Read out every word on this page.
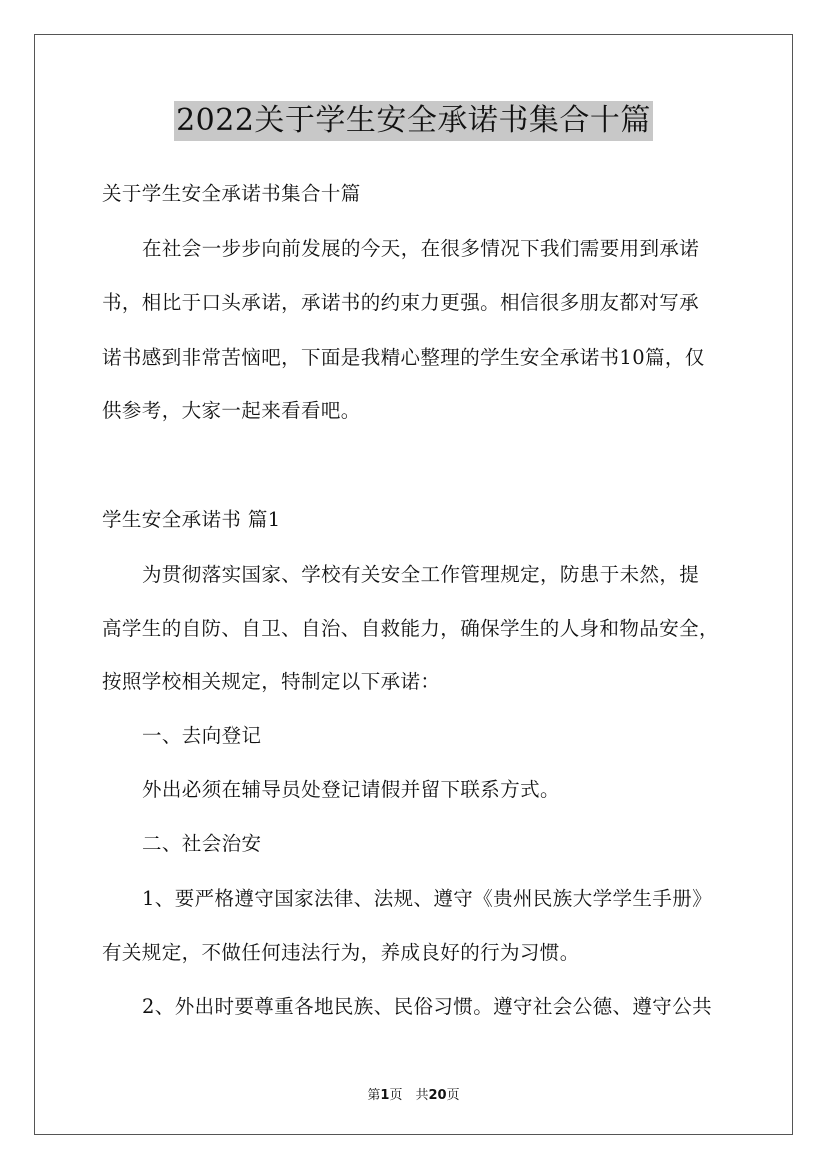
2022关于学生安全承诺书集合十篇
关于学生安全承诺书集合十篇
在社会一步步向前发展的今天，在很多情况下我们需要用到承诺
书，相比于口头承诺，承诺书的约束力更强。相信很多朋友都对写承
诺书感到非常苦恼吧，下面是我精心整理的学生安全承诺书10篇，仅
供参考，大家一起来看看吧。
学生安全承诺书 篇1
为贯彻落实国家、学校有关安全工作管理规定，防患于未然，提
高学生的自防、自卫、自治、自救能力，确保学生的人身和物品安全，
按照学校相关规定，特制定以下承诺：
一、去向登记
外出必须在辅导员处登记请假并留下联系方式。
二、社会治安
1、要严格遵守国家法律、法规、遵守《贵州民族大学学生手册》
有关规定，不做任何违法行为，养成良好的行为习惯。
2、外出时要尊重各地民族、民俗习惯。遵守社会公德、遵守公共
第1页　共20页
